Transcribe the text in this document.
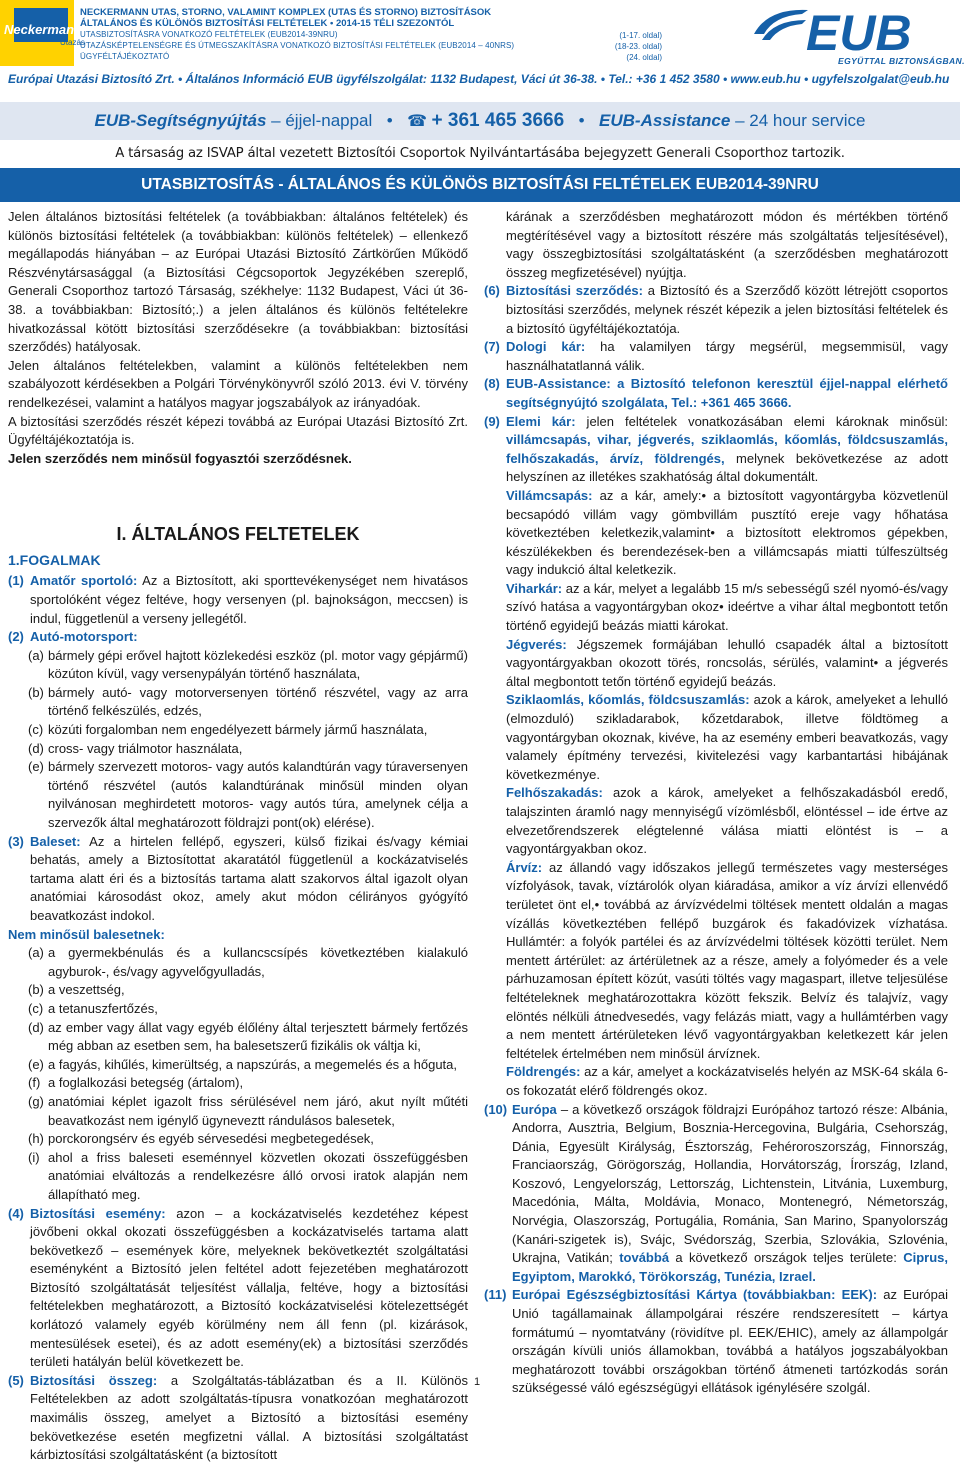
Neckermann
Utazás
NECKERMANN UTAS, STORNO, VALAMINT KOMPLEX (UTAS ÉS STORNO) BIZTOSÍTÁSOK
ÁLTALÁNOS ÉS KÜLÖNÖS BIZTOSÍTÁSI FELTÉTELEK • 2014-15 TÉLI SZEZONTÓL
UTASBIZTOSÍTÁSRA VONATKOZÓ FELTÉTELEK (EUB2014-39NRU)
UTAZÁSKÉPTELENSÉGRE ÉS ÚTMEGSZAKÍTÁSRA VONATKOZÓ BIZTOSÍTÁSI FELTÉTELEK (EUB2014 – 40NRS)
ÜGYFÉLTÁJÉKOZTATÓ
(1-17. oldal)
(18-23. oldal)
(24. oldal)	EUB
EGYÜTTAL BIZTONSÁGBAN.
Európai Utazási Biztosító Zrt. • Általános Információ EUB ügyfélszolgálat: 1132 Budapest, Váci út 36-38. • Tel.: +36 1 452 3580 • www.eub.hu • ugyfelszolgalat@eub.hu
EUB-Segítségnyújtás – éjjel-nappal • ☎ + 361 465 3666 • EUB-Assistance – 24 hour service
A társaság az ISVAP által vezetett Biztosítói Csoportok Nyilvántartásába bejegyzett Generali Csoporthoz tartozik.
UTASBIZTOSÍTÁS - ÁLTALÁNOS ÉS KÜLÖNÖS BIZTOSÍTÁSI FELTÉTELEK EUB2014-39NRU

Jelen általános biztosítási feltételek (a továbbiakban: általános feltételek) és különös biztosítási feltételek (a továbbiakban: különös feltételek) – ellenkező megállapodás hiányában – az Európai Utazási Biztosító Zártkörűen Működő Részvénytársasággal (a Biztosítási Cégcsoportok Jegyzékében szereplő, Generali Csoporthoz tartozó Társaság, székhelye: 1132 Budapest, Váci út 36-38. a továbbiakban: Biztosító;.) a jelen általános és különös feltételekre hivatkozással kötött biztosítási szerződésekre (a továbbiakban: biztosítási szerződés) hatályosak.

Jelen általános feltételekben, valamint a különös feltételekben nem szabályozott kérdésekben a Polgári Törvénykönyvről szóló 2013. évi V. törvény rendelkezései, valamint a hatályos magyar jogszabályok az irányadóak.

A biztosítási szerződés részét képezi továbbá az Európai Utazási Biztosító Zrt. Ügyféltájékoztatója is.

Jelen szerződés nem minősül fogyasztói szerződésnek.

I. ÁLTALÁNOS FELTETELEK
1.FOGALMAK
(1) Amatőr sportoló: Az a Biztosított, aki sporttevékenységet nem hivatásos sportolóként végez feltéve, hogy versenyen (pl. bajnokságon, meccsen) is indul, függetlenül a verseny jellegétől.
(2) Autó-motorsport:
(a) bármely gépi erővel hajtott közlekedési eszköz (pl. motor vagy gépjármű) közúton kívül, vagy versenypályán történő használata,
(b) bármely autó- vagy motorversenyen történő részvétel, vagy az arra történő felkészülés, edzés,
(c) közúti forgalomban nem engedélyezett bármely jármű használata,
(d) cross- vagy triálmotor használata,
(e) bármely szervezett motoros- vagy autós kalandtúrán vagy túraversenyen történő részvétel (autós kalandtúrának minősül minden olyan nyilvánosan meghirdetett motoros- vagy autós túra, amelynek célja a szervezők által meghatározott földrajzi pont(ok) elérése).
(3) Baleset: Az a hirtelen fellépő, egyszeri, külső fizikai és/vagy kémiai behatás, amely a Biztosítottat akaratától függetlenül a kockázatviselés tartama alatt éri és a biztosítás tartama alatt szakorvos által igazolt olyan anatómiai károsodást okoz, amely akut módon célirányos gyógyító beavatkozást indokol.
Nem minősül balesetnek:
(a) a gyermekbénulás és a kullancscsípés következtében kialakuló agyburok-, és/vagy agyvelőgyulladás,
(b) a veszettség,
(c) a tetanuszfertőzés,
(d) az ember vagy állat vagy egyéb élőlény által terjesztett bármely fertőzés még abban az esetben sem, ha balesetszerű fizikális ok váltja ki,
(e) a fagyás, kihűlés, kimerültség, a napszúrás, a megemelés és a hőguta,
(f) a foglalkozási betegség (ártalom),
(g) anatómiai képlet igazolt friss sérülésével nem járó, akut nyílt műtéti beavatkozást nem igénylő ügyneveztt rándulásos balesetek,
(h) porckorongsérv és egyéb sérvesedési megbetegedések,
(i) ahol a friss baleseti eseménnyel közvetlen okozati összefüggésben anatómiai elváltozás a rendelkezésre álló orvosi iratok alapján nem állapítható meg.
(4) Biztosítási esemény: azon – a kockázatviselés kezdetéhez képest jövőbeni okkal okozati összefüggésben a kockázatviselés tartama alatt bekövetkező – események köre, melyeknek bekövetkeztét szolgáltatási eseményként a Biztosító jelen feltétel adott fejezetében meghatározott Biztosító szolgáltatását teljesítést vállalja, feltéve, hogy a biztosítási feltételekben meghatározott, a Biztosító kockázatviselési kötelezettségét korlátozó valamely egyéb körülmény nem áll fenn (pl. kizárások, mentesülések esetei), és az adott esemény(ek) a biztosítási szerződés területi hatályán belül következett be.
(5) Biztosítási összeg: a Szolgáltatás-táblázatban és a II. Különös Feltételekben az adott szolgáltatás-típusra vonatkozóan meghatározott maximális összeg, amelyet a Biztosító a biztosítási esemény bekövetkezése esetén megfizetni vállal. A biztosítási szolgáltatást kárbiztosítási szolgáltatásként (a biztosított
kárának a szerződésben meghatározott módon és mértékben történő megtérítésével vagy a biztosított részére más szolgáltatás teljesítésével), vagy összegbiztosítási szolgáltatásként (a szerződésben meghatározott összeg megfizetésével) nyújtja.
(6) Biztosítási szerződés: a Biztosító és a Szerződő között létrejött csoportos biztosítási szerződés, melynek részét képezik a jelen biztosítási feltételek és a biztosító ügyféltájékoztatója.
(7) Dologi kár: ha valamilyen tárgy megsérül, megsemmisül, vagy használhatatlanná válik.
(8) EUB-Assistance: a Biztosító telefonon keresztül éjjel-nappal elérhető segítségnyújtó szolgálata, Tel.: +361 465 3666.
(9) Elemi kár: jelen feltételek vonatkozásában elemi károknak minősül: villámcsapás, vihar, jégverés, sziklaomlás, kőomlás, földcsuszamlás, felhőszakadás, árvíz, földrengés, melynek bekövetkezése az adott helyszínen az illetékes szakhatóság által dokumentált.
Villámcsapás: az a kár, amely:• a biztosított vagyontárgyba közvetlenül becsapódó villám vagy gömbvillám pusztító ereje vagy hőhatása következtében keletkezik,valamint• a biztosított elektromos gépekben, készülékekben és berendezések-ben a villámcsapás miatti túlfeszültség vagy indukció által keletkezik.
Viharkár: az a kár, melyet a legalább 15 m/s sebességű szél nyomó-és/vagy szívó hatása a vagyontárgyban okoz• ideértve a vihar által megbontott tetőn történő egyidejű beázás miatti károkat.
Jégverés: Jégszemek formájában lehulló csapadék által a biztosított vagyontárgyakban okozott törés, roncsolás, sérülés, valamint• a jégverés által megbontott tetőn történő egyidejű beázás.
Sziklaomlás, kőomlás, földcsuszamlás: azok a károk, amelyeket a lehulló (elmozduló) szikladarabok, kőzetdarabok, illetve földtömeg a vagyontárgyban okoznak, kivéve, ha az esemény emberi beavatkozás, vagy valamely építmény tervezési, kivitelezési vagy karbantartási hibájának következménye.
Felhőszakadás: azok a károk, amelyeket a felhőszakadásból eredő, talajszinten áramló nagy mennyiségű vízömlésből, elöntéssel – ide értve az elvezetőrendszerek elégtelenné válása miatti elöntést is – a vagyontárgyakban okoz.
Árvíz: az állandó vagy időszakos jellegű természetes vagy mesterséges vízfolyások, tavak, víztárolók olyan kiáradása, amikor a víz árvízi ellenvédő területet önt el,• továbbá az árvízvédelmi töltések mentett oldalán a magas vízállás következtében fellépő buzgárok és fakadóvizek vízhatása. Hullámtér: a folyók partélei és az árvízvédelmi töltések közötti terület. Nem mentett ártérület: az ártérületnek az a része, amely a folyómeder és a vele párhuzamosan épített közút, vasúti töltés vagy magaspart, illetve teljesülése feltételeknek meghatározottakra között fekszik. Belvíz és talajvíz, vagy elöntés nélküli átnedvesedés, vagy felázás miatt, vagy a hullámtérben vagy a nem mentett ártérületeken lévő vagyontárgyakban keletkezett kár jelen feltételek értelmében nem minősül árvíznek.
Földrengés: az a kár, amelyet a kockázatviselés helyén az MSK-64 skála 6-os fokozatát elérő földrengés okoz.
(10) Európa – a következő országok földrajzi Európához tartozó része: Albánia, Andorra, Ausztria, Belgium, Bosznia-Hercegovina, Bulgária, Csehország, Dánia, Egyesült Királyság, Észtország, Fehéroroszország, Finnország, Franciaország, Görögország, Hollandia, Horvátország, Írország, Izland, Koszovó, Lengyelország, Lettország, Lichtenstein, Litvánia, Luxemburg, Macedónia, Málta, Moldávia, Monaco, Montenegró, Németország, Norvégia, Olaszország, Portugália, Románia, San Marino, Spanyolország (Kanári-szigetek is), Svájc, Svédország, Szerbia, Szlovákia, Szlovénia, Ukrajna, Vatikán; továbbá a következő országok teljes területe: Ciprus, Egyiptom, Marokkó, Törökország, Tunézia, Izrael.
(11) Európai Egészségbiztosítási Kártya (továbbiakban: EEK): az Európai Unió tagállamainak állampolgárai részére rendszeresített – kártya formátumú – nyomtatvány (rövidítve pl. EEK/EHIC), amely az állampolgár országán kívüli uniós államokban, továbbá a hatályos jogszabályokban meghatározott további országokban történő átmeneti tartózkodás során szükségessé váló egészségügyi ellátások igénylésére szolgál.
1
